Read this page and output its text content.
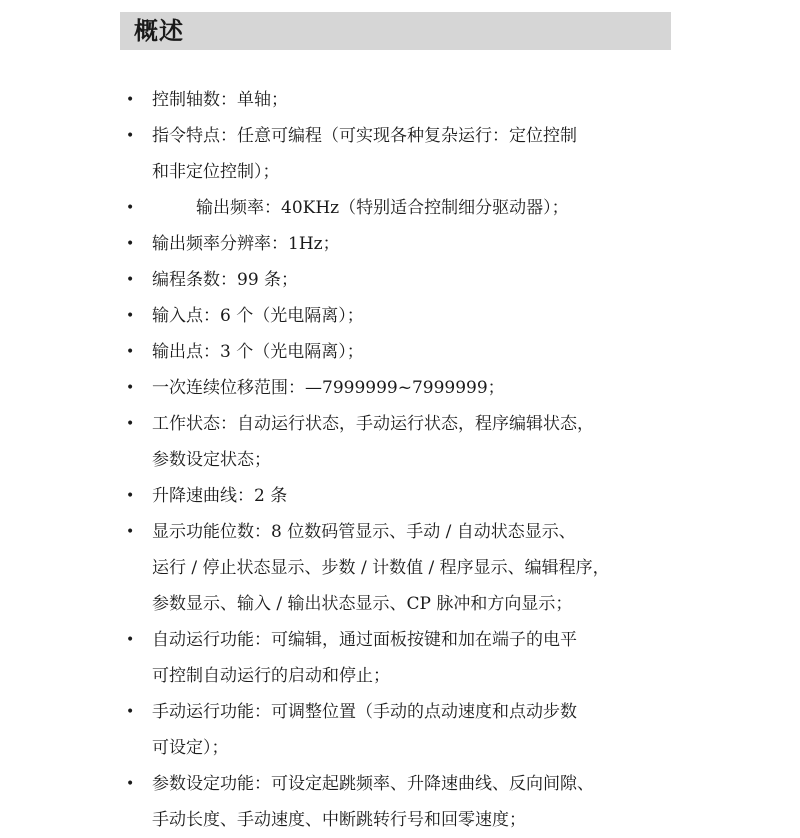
概述
• 控制轴数：单轴；
• 指令特点：任意可编程（可实现各种复杂运行：定位控制
和非定位控制）；
•	输出频率：40KHz（特别适合控制细分驱动器）；
• 输出频率分辨率：1Hz；
• 编程条数：99 条；
• 输入点：6 个（光电隔离）；
• 输出点：3 个（光电隔离）；
• 一次连续位移范围：—7999999~7999999；
• 工作状态：自动运行状态，手动运行状态，程序编辑状态，
参数设定状态；
• 升降速曲线：2 条
• 显示功能位数：8 位数码管显示、手动 / 自动状态显示、
运行 / 停止状态显示、步数 / 计数值 / 程序显示、编辑程序，
参数显示、输入 / 输出状态显示、CP 脉冲和方向显示；
• 自动运行功能：可编辑，通过面板按键和加在端子的电平
可控制自动运行的启动和停止；
• 手动运行功能：可调整位置（手动的点动速度和点动步数
可设定）；
• 参数设定功能：可设定起跳频率、升降速曲线、反向间隙、
手动长度、手动速度、中断跳转行号和回零速度；
